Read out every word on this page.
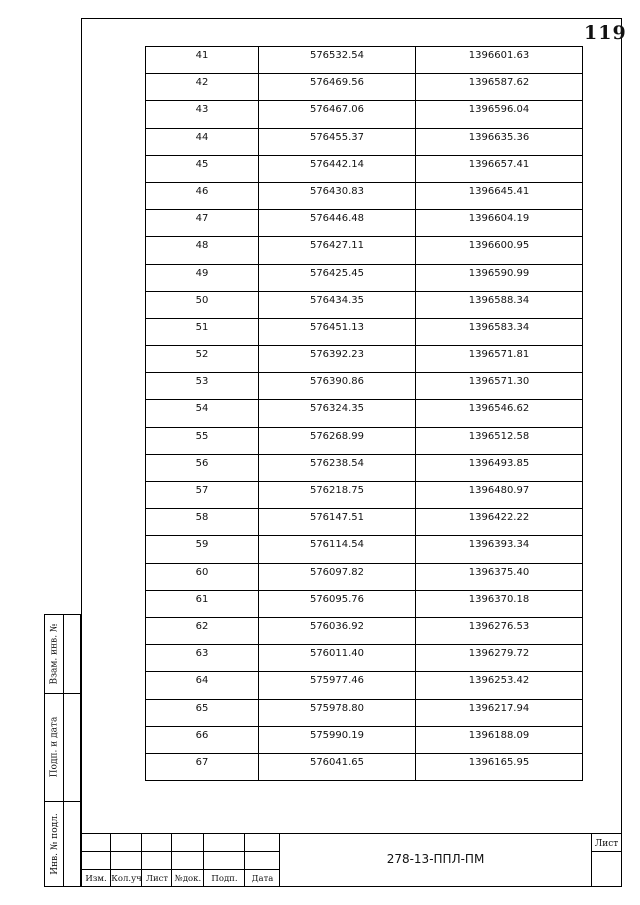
119
41	576532.54	1396601.63
42	576469.56	1396587.62
43	576467.06	1396596.04
44	576455.37	1396635.36
45	576442.14	1396657.41
46	576430.83	1396645.41
47	576446.48	1396604.19
48	576427.11	1396600.95
49	576425.45	1396590.99
50	576434.35	1396588.34
51	576451.13	1396583.34
52	576392.23	1396571.81
53	576390.86	1396571.30
54	576324.35	1396546.62
55	576268.99	1396512.58
56	576238.54	1396493.85
57	576218.75	1396480.97
58	576147.51	1396422.22
59	576114.54	1396393.34
60	576097.82	1396375.40
61	576095.76	1396370.18
62	576036.92	1396276.53
63	576011.40	1396279.72
64	575977.46	1396253.42
65	575978.80	1396217.94
66	575990.19	1396188.09
67	576041.65	1396165.95
Взам. инв. №
Подп. и дата
Инв. № подл.
Изм. Кол.уч Лист №док.	Подп.	Дата
278-13-ППЛ-ПМ
Лист
